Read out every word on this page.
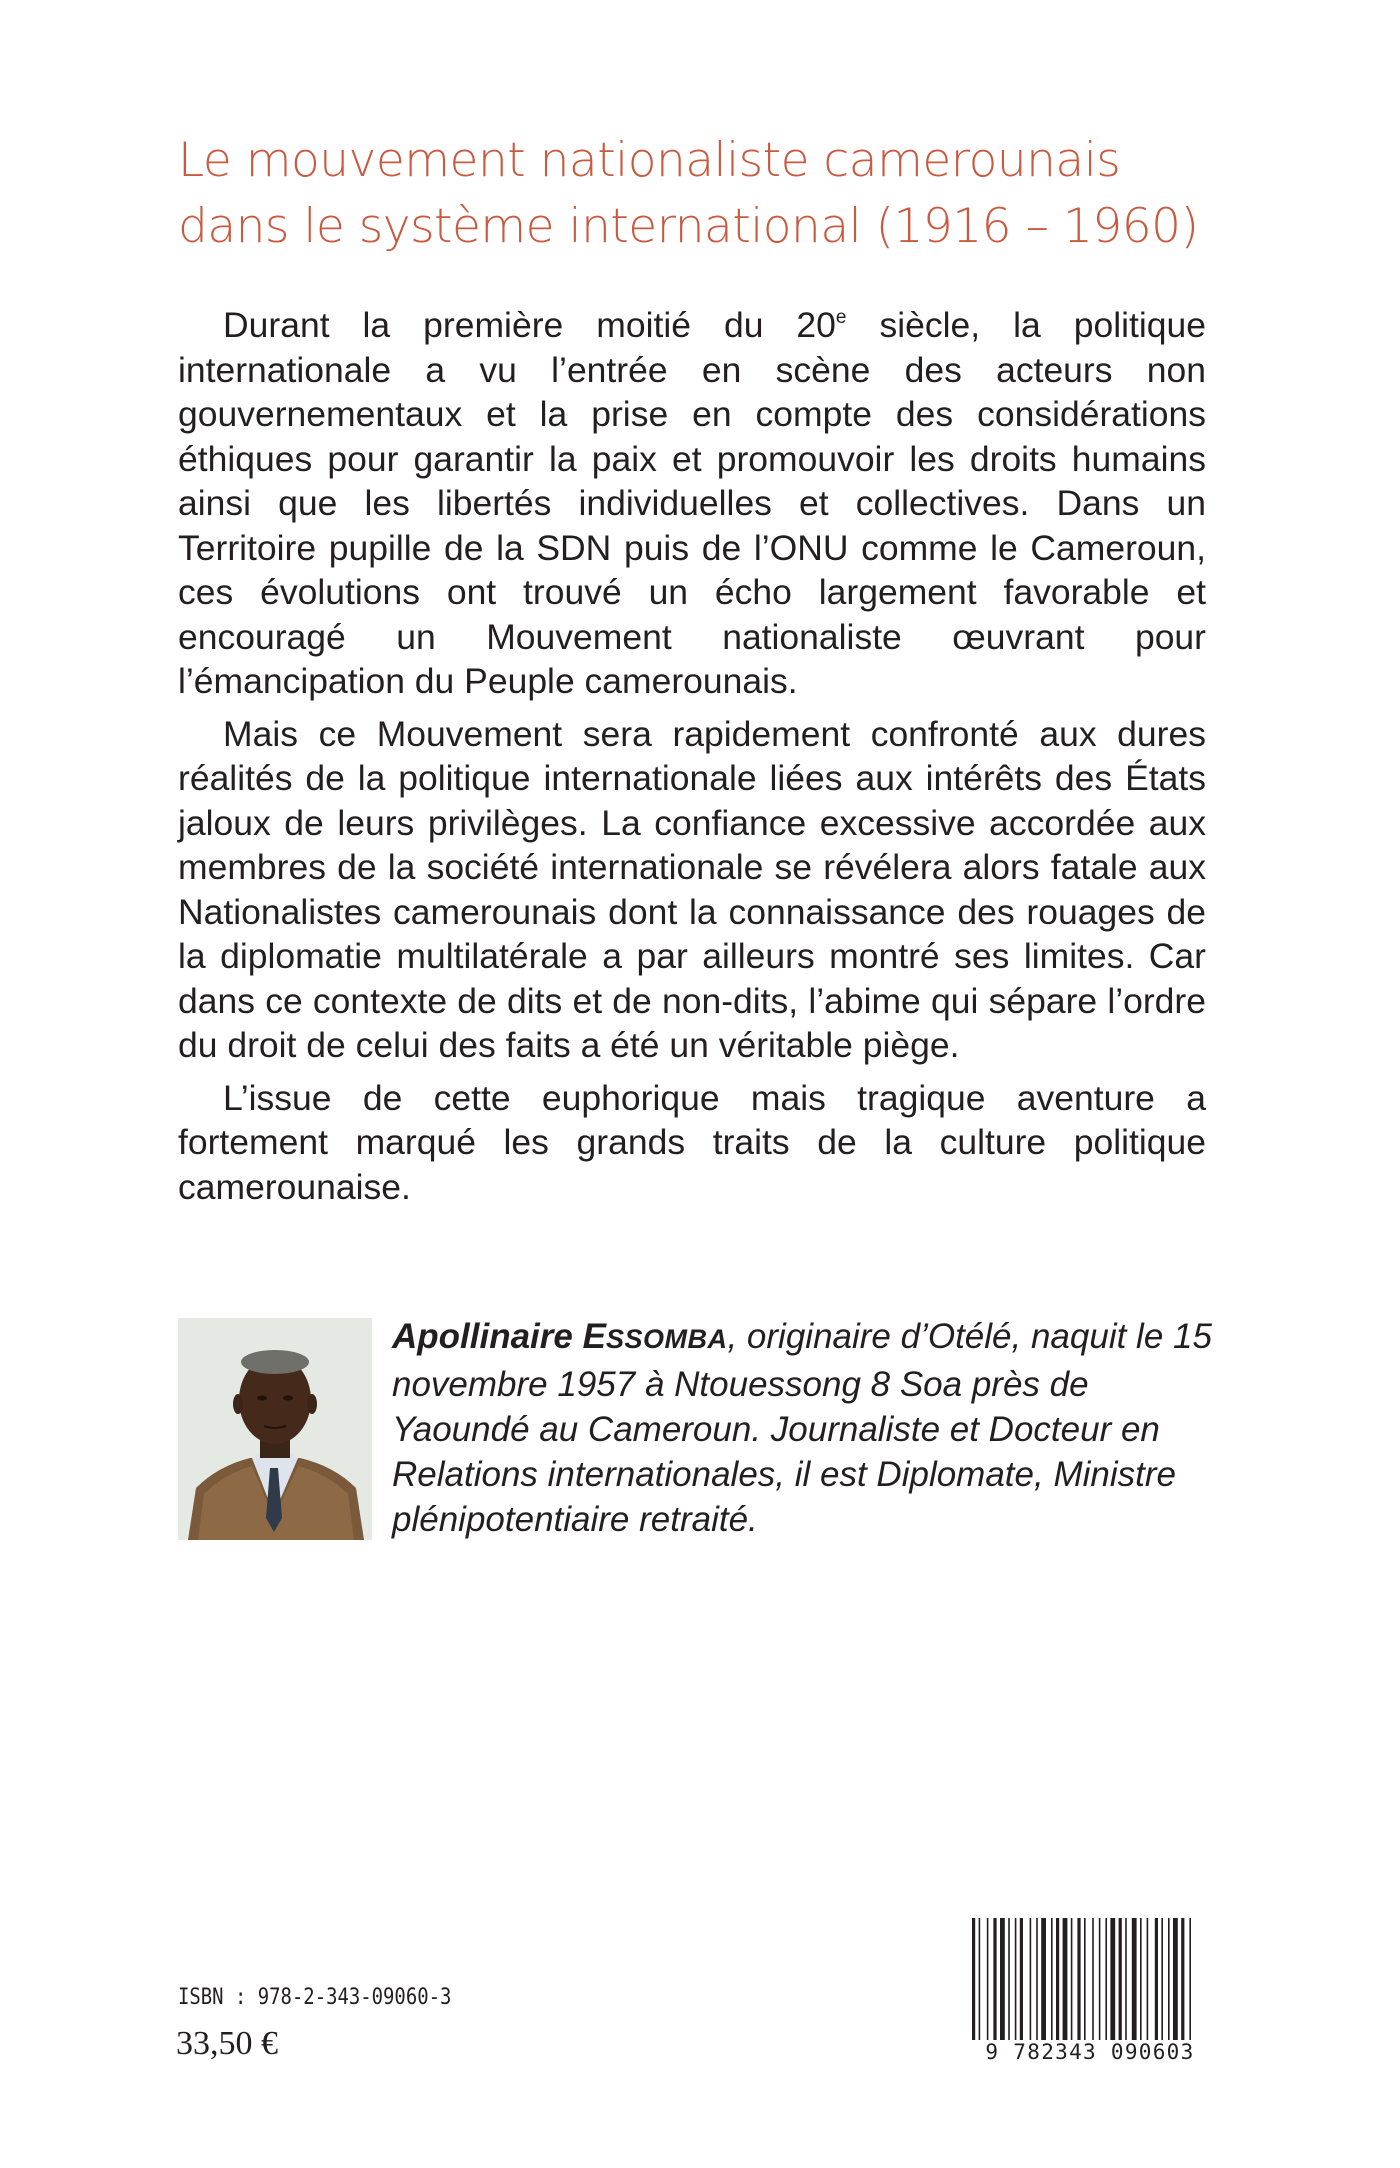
Le mouvement nationaliste camerounais
dans le système international (1916 – 1960)

Durant la première moitié du 20e siècle, la politique internationale a vu l’entrée en scène des acteurs non gouvernementaux et la prise en compte des considérations éthiques pour garantir la paix et promouvoir les droits humains ainsi que les libertés individuelles et collectives. Dans un Territoire pupille de la SDN puis de l’ONU comme le Cameroun, ces évolutions ont trouvé un écho largement favorable et encouragé un Mouvement nationaliste œuvrant pour l’émancipation du Peuple camerounais.

Mais ce Mouvement sera rapidement confronté aux dures réalités de la politique internationale liées aux intérêts des États jaloux de leurs privilèges. La confiance excessive accordée aux membres de la société internationale se révélera alors fatale aux Nationalistes camerounais dont la connaissance des rouages de la diplomatie multilatérale a par ailleurs montré ses limites. Car dans ce contexte de dits et de non-dits, l’abime qui sépare l’ordre du droit de celui des faits a été un véritable piège.

L’issue de cette euphorique mais tragique aventure a fortement marqué les grands traits de la culture politique camerounaise.

Apollinaire ESSOMBA, originaire d’Otélé, naquit le 15 novembre 1957 à Ntouessong 8 Soa près de Yaoundé au Cameroun. Journaliste et Docteur en Relations internationales, il est Diplomate, Ministre plénipotentiaire retraité.
ISBN : 978-2-343-09060-3
33,50 €	9 782343 090603
